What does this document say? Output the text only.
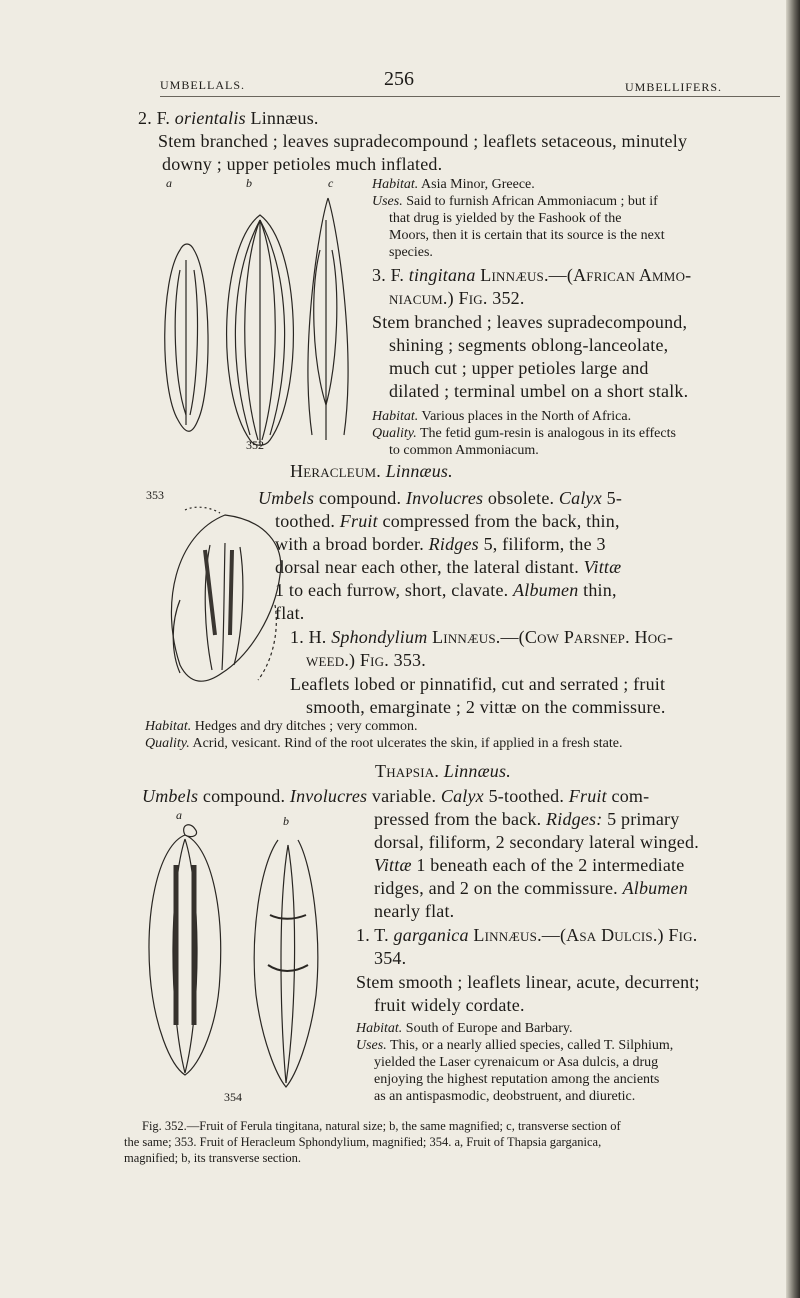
UMBELLALS.	256	UMBELLIFERS.
2. F. orientalis Linnæus.
Stem branched ; leaves supradecompound ; leaflets setaceous, minutely
downy ; upper petioles much inflated.
Habitat. Asia Minor, Greece.
Uses. Said to furnish African Ammoniacum ; but if
that drug is yielded by the Fashook of the
Moors, then it is certain that its source is the next
species.
3. F. tingitana Linnæus.—(African Ammo-
niacum.) Fig. 352.
Stem branched ; leaves supradecompound,
shining ; segments oblong-lanceolate,
much cut ; upper petioles large and
dilated ; terminal umbel on a short stalk.
Habitat. Various places in the North of Africa.
Quality. The fetid gum-resin is analogous in its effects
to common Ammoniacum.
a	b	c
352
Heracleum. Linnæus.
353	Umbels compound. Involucres obsolete. Calyx 5-
toothed. Fruit compressed from the back, thin,
with a broad border. Ridges 5, filiform, the 3
dorsal near each other, the lateral distant. Vittæ
1 to each furrow, short, clavate. Albumen thin,
flat.
1. H. Sphondylium Linnæus.—(Cow Parsnep. Hog-
weed.) Fig. 353.
Leaflets lobed or pinnatifid, cut and serrated ; fruit
smooth, emarginate ; 2 vittæ on the commissure.
Habitat. Hedges and dry ditches ; very common.
Quality. Acrid, vesicant. Rind of the root ulcerates the skin, if applied in a fresh state.
Thapsia. Linnæus.
Umbels compound. Involucres variable. Calyx 5-toothed. Fruit com-
pressed from the back. Ridges: 5 primary
dorsal, filiform, 2 secondary lateral winged.
Vittæ 1 beneath each of the 2 intermediate
ridges, and 2 on the commissure. Albumen
nearly flat.
1. T. garganica Linnæus.—(Asa Dulcis.) Fig.
354.
Stem smooth ; leaflets linear, acute, decurrent;
fruit widely cordate.
Habitat. South of Europe and Barbary.
Uses. This, or a nearly allied species, called T. Silphium,
yielded the Laser cyrenaicum or Asa dulcis, a drug
enjoying the highest reputation among the ancients
as an antispasmodic, deobstruent, and diuretic.
a	b
354
Fig. 352.—Fruit of Ferula tingitana, natural size; b, the same magnified; c, transverse section of
the same; 353. Fruit of Heracleum Sphondylium, magnified; 354. a, Fruit of Thapsia garganica,
magnified; b, its transverse section.
